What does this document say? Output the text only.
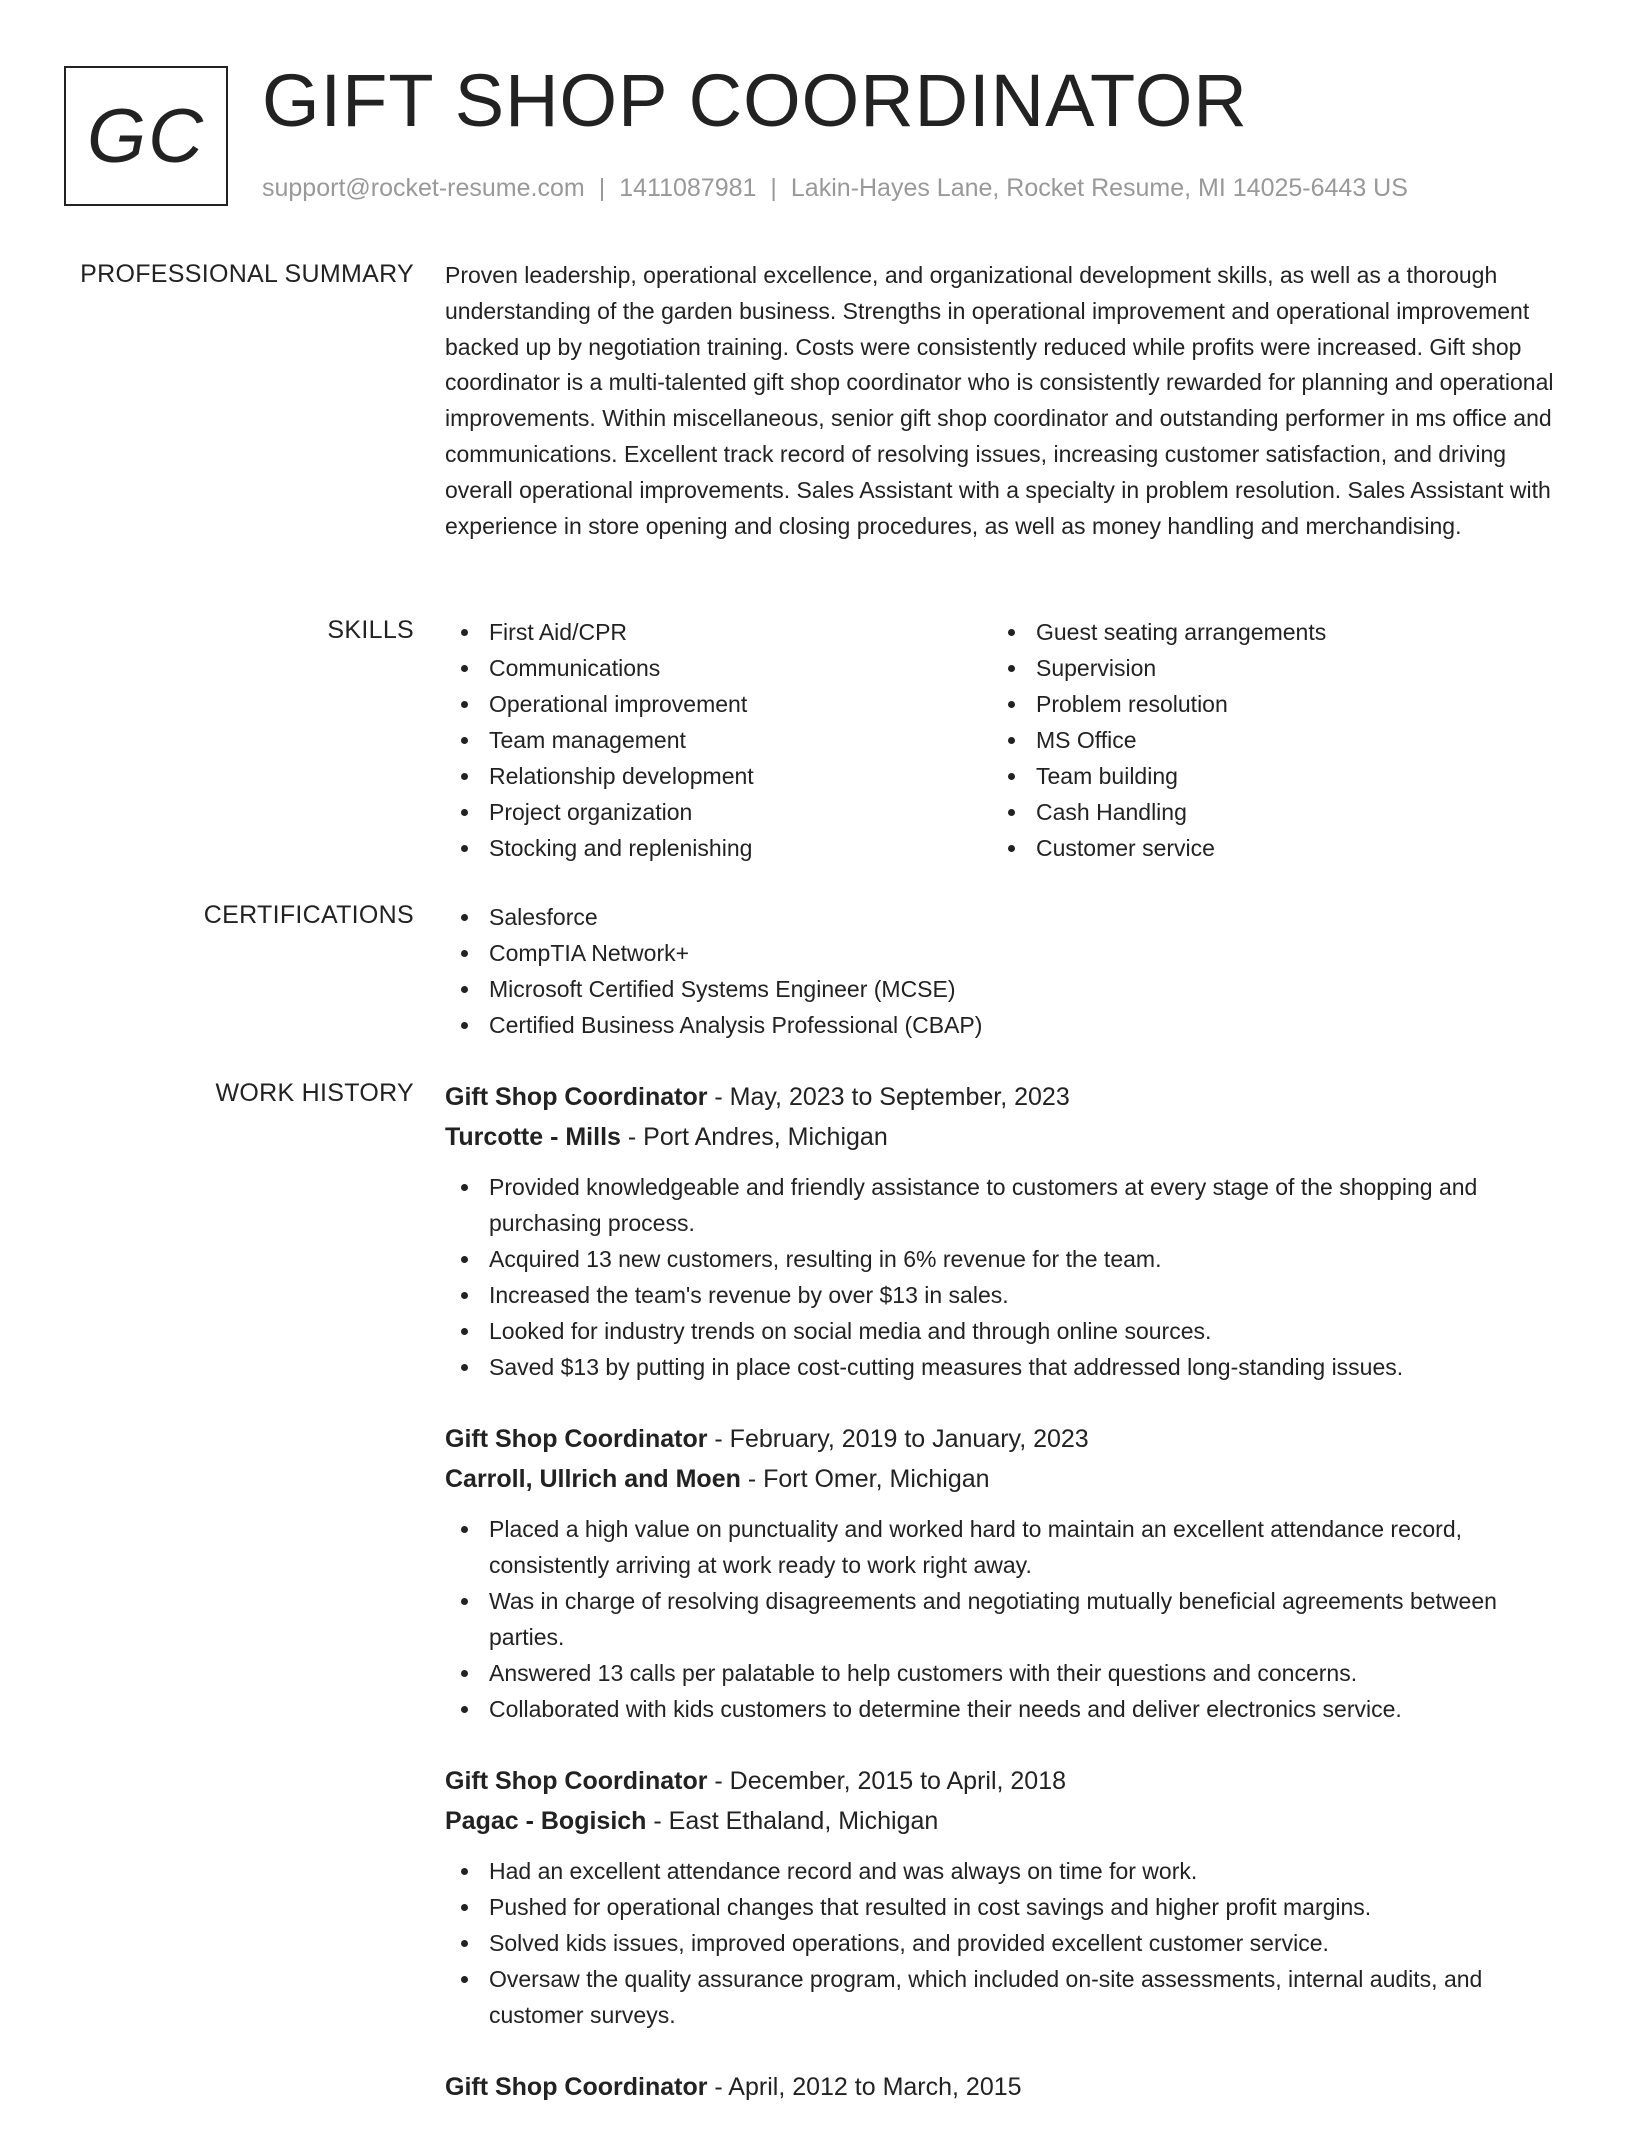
GC GIFT SHOP COORDINATOR
support@rocket-resume.com | 1411087981 | Lakin-Hayes Lane, Rocket Resume, MI 14025-6443 US
PROFESSIONAL SUMMARY Proven leadership, operational excellence, and organizational development skills, as well as a thorough understanding of the garden business. Strengths in operational improvement and operational improvement backed up by negotiation training. Costs were consistently reduced while profits were increased. Gift shop coordinator is a multi-talented gift shop coordinator who is consistently rewarded for planning and operational improvements. Within miscellaneous, senior gift shop coordinator and outstanding performer in ms office and communications. Excellent track record of resolving issues, increasing customer satisfaction, and driving overall operational improvements. Sales Assistant with a specialty in problem resolution. Sales Assistant with experience in store opening and closing procedures, as well as money handling and merchandising.

SKILLS	First Aid/CPR
Communications
Operational improvement
Team management
Relationship development
Project organization
Stocking and replenishing
Guest seating arrangements
Supervision
Problem resolution
MS Office
Team building
Cash Handling
Customer service
CERTIFICATIONS	Salesforce
CompTIA Network+
Microsoft Certified Systems Engineer (MCSE)
Certified Business Analysis Professional (CBAP)
WORK HISTORY Gift Shop Coordinator - May, 2023 to September, 2023
Turcotte - Mills - Port Andres, Michigan
Provided knowledgeable and friendly assistance to customers at every stage of the shopping and purchasing process.
Acquired 13 new customers, resulting in 6% revenue for the team.
Increased the team's revenue by over $13 in sales.
Looked for industry trends on social media and through online sources.
Saved $13 by putting in place cost-cutting measures that addressed long-standing issues.
Gift Shop Coordinator - February, 2019 to January, 2023
Carroll, Ullrich and Moen - Fort Omer, Michigan
Placed a high value on punctuality and worked hard to maintain an excellent attendance record, consistently arriving at work ready to work right away.
Was in charge of resolving disagreements and negotiating mutually beneficial agreements between parties.
Answered 13 calls per palatable to help customers with their questions and concerns.
Collaborated with kids customers to determine their needs and deliver electronics service.
Gift Shop Coordinator - December, 2015 to April, 2018
Pagac - Bogisich - East Ethaland, Michigan
Had an excellent attendance record and was always on time for work.
Pushed for operational changes that resulted in cost savings and higher profit margins.
Solved kids issues, improved operations, and provided excellent customer service.
Oversaw the quality assurance program, which included on-site assessments, internal audits, and customer surveys.
Gift Shop Coordinator - April, 2012 to March, 2015
